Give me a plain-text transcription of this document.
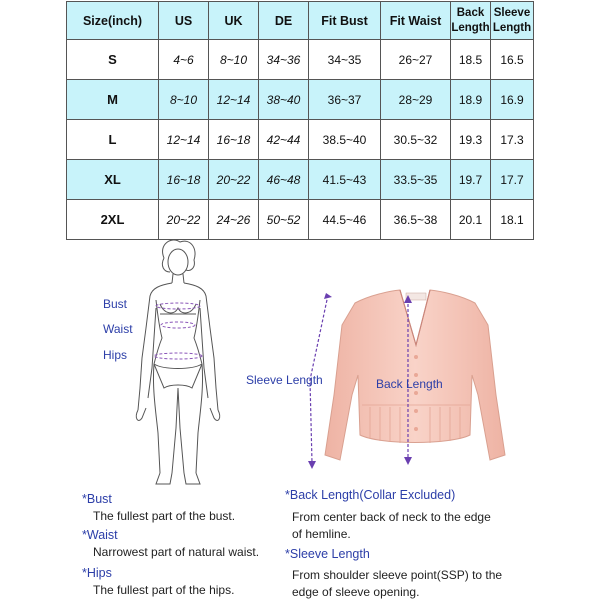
Size(inch)	US	UK	DE	Fit Bust	Fit Waist	Back Length	Sleeve Length
S	4~6	8~10	34~36	34~35	26~27	18.5	16.5
M	8~10	12~14	38~40	36~37	28~29	18.9	16.9
L	12~14	16~18	42~44	38.5~40	30.5~32	19.3	17.3
XL	16~18	20~22	46~48	41.5~43	33.5~35	19.7	17.7
2XL	20~22	24~26	50~52	44.5~46	36.5~38	20.1	18.1
Bust
Waist
Hips
Sleeve Length	Back Length
*Bust
The fullest part of the bust.
*Waist
Narrowest part of natural waist.
*Hips
The fullest part of the hips.
*Back Length(Collar Excluded)
From center back of neck to the edge
of hemline.
*Sleeve Length
From shoulder sleeve point(SSP) to the
edge of sleeve opening.
